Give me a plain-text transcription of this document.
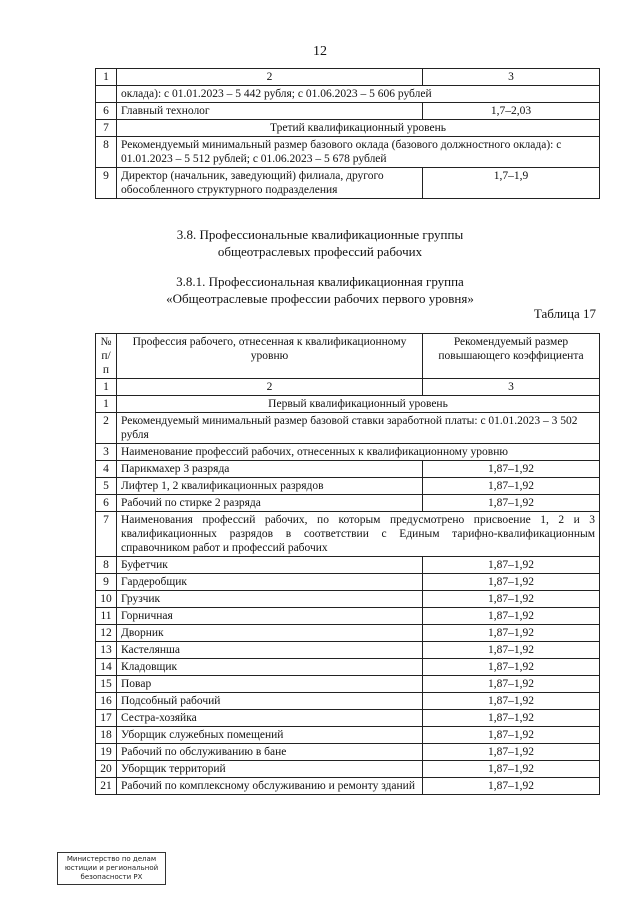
12
1	2	3
	оклада): с 01.01.2023 – 5 442 рубля; с 01.06.2023 – 5 606 рублей	
6	Главный технолог	1,7–2,03
7	Третий квалификационный уровень	
8	Рекомендуемый минимальный размер базового оклада (базового должностного оклада): с 01.01.2023 – 5 512 рублей; с 01.06.2023 – 5 678 рублей	
9	Директор (начальник, заведующий) филиала, другого обособленного структурного подразделения	1,7–1,9
3.8. Профессиональные квалификационные группы
общеотраслевых профессий рабочих
3.8.1. Профессиональная квалификационная группа
«Общеотраслевые профессии рабочих первого уровня»
Таблица 17
№ п/п	Профессия рабочего, отнесенная к квалификационному уровню	Рекомендуемый размер повышающего коэффициента
1	2	3
1	Первый квалификационный уровень	
2	Рекомендуемый минимальный размер базовой ставки заработной платы: с 01.01.2023 – 3 502 рубля	
3	Наименование профессий рабочих, отнесенных к квалификационному уровню	
4	Парикмахер 3 разряда	1,87–1,92
5	Лифтер 1, 2 квалификационных разрядов	1,87–1,92
6	Рабочий по стирке 2 разряда	1,87–1,92
7	Наименования профессий рабочих, по которым предусмотрено присвоение 1, 2 и 3 квалификационных разрядов в соответствии с Единым тарифно-квалификационным справочником работ и профессий рабочих	
8	Буфетчик	1,87–1,92
9	Гардеробщик	1,87–1,92
10	Грузчик	1,87–1,92
11	Горничная	1,87–1,92
12	Дворник	1,87–1,92
13	Кастелянша	1,87–1,92
14	Кладовщик	1,87–1,92
15	Повар	1,87–1,92
16	Подсобный рабочий	1,87–1,92
17	Сестра-хозяйка	1,87–1,92
18	Уборщик служебных помещений	1,87–1,92
19	Рабочий по обслуживанию в бане	1,87–1,92
20	Уборщик территорий	1,87–1,92
21	Рабочий по комплексному обслуживанию и ремонту зданий	1,87–1,92
Министерство по делам
юстиции и региональной
безопасности РХ
